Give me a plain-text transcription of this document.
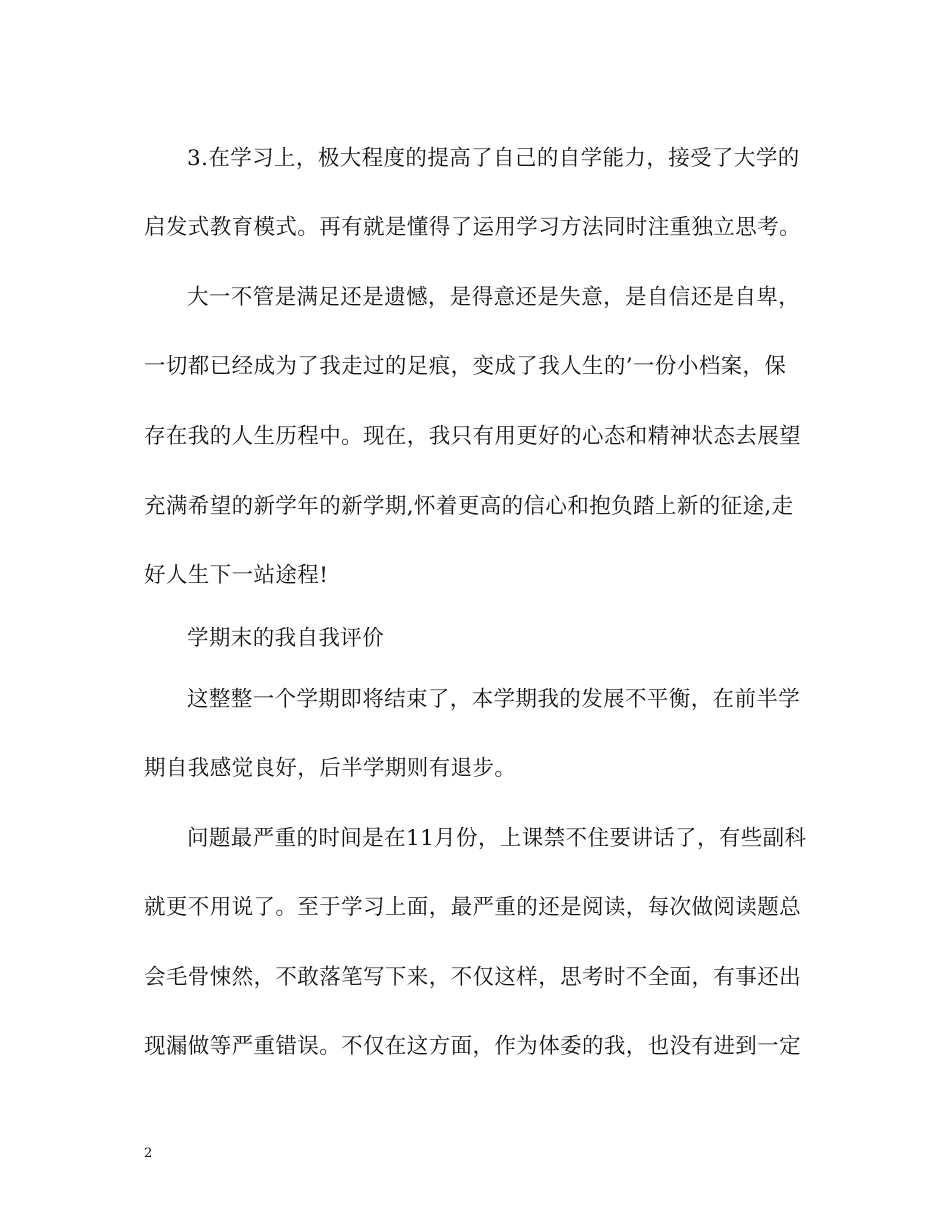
3.在学习上，极大程度的提高了自己的自学能力，接受了大学的
启发式教育模式。再有就是懂得了运用学习方法同时注重独立思考。
大一不管是满足还是遗憾，是得意还是失意，是自信还是自卑，
一切都已经成为了我走过的足痕，变成了我人生的’一份小档案，保
存在我的人生历程中。现在，我只有用更好的心态和精神状态去展望
充满希望的新学年的新学期,怀着更高的信心和抱负踏上新的征途,走
好人生下一站途程!
学期末的我自我评价
这整整一个学期即将结束了，本学期我的发展不平衡，在前半学
期自我感觉良好，后半学期则有退步。
问题最严重的时间是在11月份，上课禁不住要讲话了，有些副科
就更不用说了。至于学习上面，最严重的还是阅读，每次做阅读题总
会毛骨悚然，不敢落笔写下来，不仅这样，思考时不全面，有事还出
现漏做等严重错误。不仅在这方面，作为体委的我，也没有进到一定
2
